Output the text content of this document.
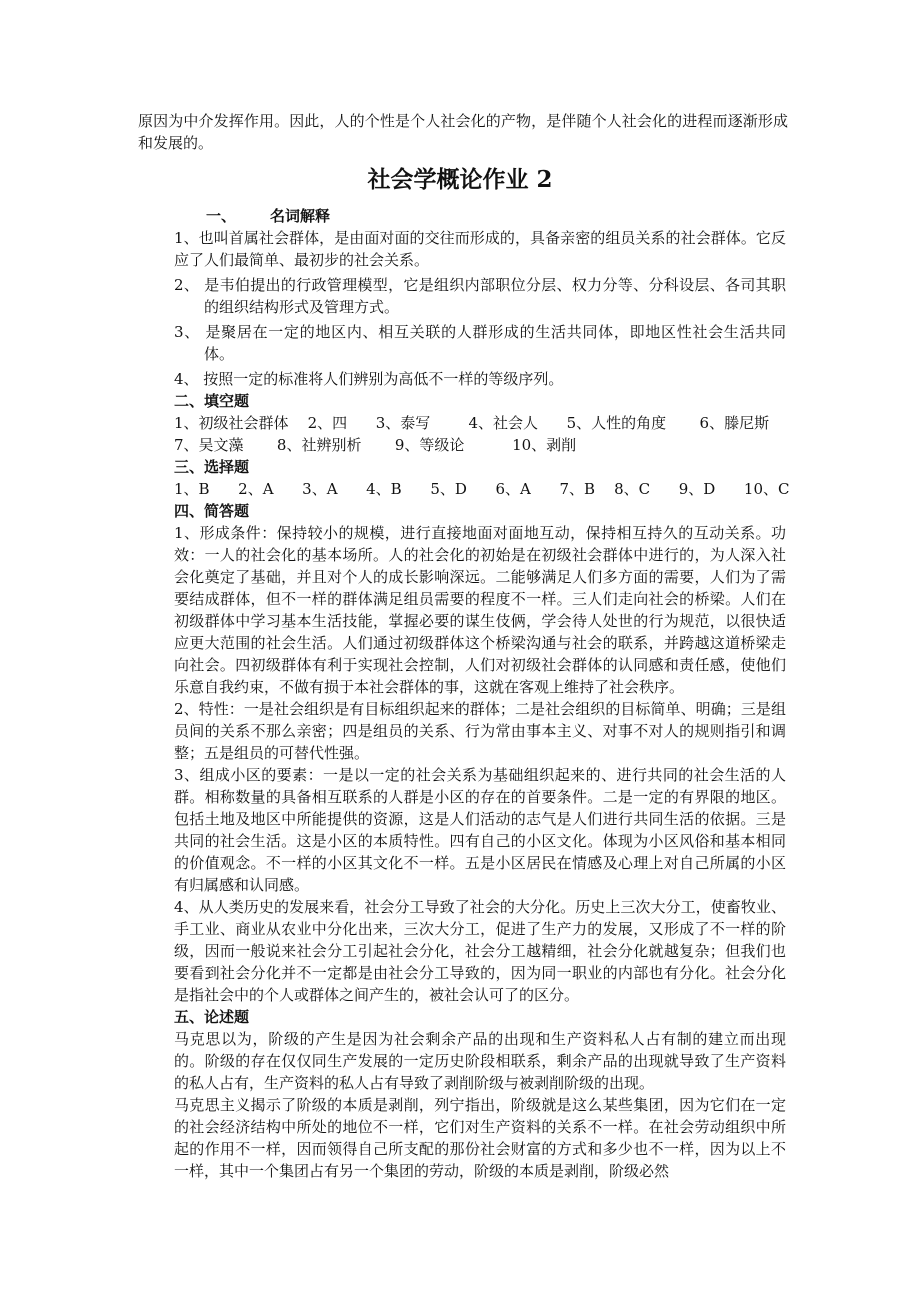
原因为中介发挥作用。因此，人的个性是个人社会化的产物，是伴随个人社会化的进程而逐渐形成和发展的。

社会学概论作业 2

一、 名词解释

1、也叫首属社会群体，是由面对面的交往而形成的，具备亲密的组员关系的社会群体。它反应了人们最简单、最初步的社会关系。

2、 是韦伯提出的行政管理模型，它是组织内部职位分层、权力分等、分科设层、各司其职的组织结构形式及管理方式。

3、 是聚居在一定的地区内、相互关联的人群形成的生活共同体，即地区性社会生活共同体。

4、 按照一定的标准将人们辨别为高低不一样的等级序列。

二、填空题

1、初级社会群体    2、四      3、泰写        4、社会人      5、人性的角度       6、滕尼斯

7、吴文藻       8、社辨别析       9、等级论          10、剥削

三、选择题

1、B      2、A      3、A      4、B      5、D      6、A      7、B    8、C      9、D      10、C

四、简答题

1、形成条件：保持较小的规模，进行直接地面对面地互动，保持相互持久的互动关系。功效：一人的社会化的基本场所。人的社会化的初始是在初级社会群体中进行的，为人深入社会化奠定了基础，并且对个人的成长影响深远。二能够满足人们多方面的需要，人们为了需要结成群体，但不一样的群体满足组员需要的程度不一样。三人们走向社会的桥梁。人们在初级群体中学习基本生活技能，掌握必要的谋生伎俩，学会待人处世的行为规范，以很快适应更大范围的社会生活。人们通过初级群体这个桥梁沟通与社会的联系，并跨越这道桥梁走向社会。四初级群体有利于实现社会控制，人们对初级社会群体的认同感和责任感，使他们乐意自我约束，不做有损于本社会群体的事，这就在客观上维持了社会秩序。

2、特性：一是社会组织是有目标组织起来的群体；二是社会组织的目标简单、明确；三是组员间的关系不那么亲密；四是组员的关系、行为常由事本主义、对事不对人的规则指引和调整；五是组员的可替代性强。

3、组成小区的要素：一是以一定的社会关系为基础组织起来的、进行共同的社会生活的人群。相称数量的具备相互联系的人群是小区的存在的首要条件。二是一定的有界限的地区。包括土地及地区中所能提供的资源，这是人们活动的志气是人们进行共同生活的依据。三是共同的社会生活。这是小区的本质特性。四有自己的小区文化。体现为小区风俗和基本相同的价值观念。不一样的小区其文化不一样。五是小区居民在情感及心理上对自己所属的小区有归属感和认同感。

4、从人类历史的发展来看，社会分工导致了社会的大分化。历史上三次大分工，使畜牧业、手工业、商业从农业中分化出来，三次大分工，促进了生产力的发展，又形成了不一样的阶级，因而一般说来社会分工引起社会分化，社会分工越精细，社会分化就越复杂；但我们也要看到社会分化并不一定都是由社会分工导致的，因为同一职业的内部也有分化。社会分化是指社会中的个人或群体之间产生的，被社会认可了的区分。

五、论述题

马克思以为，阶级的产生是因为社会剩余产品的出现和生产资料私人占有制的建立而出现的。阶级的存在仅仅同生产发展的一定历史阶段相联系，剩余产品的出现就导致了生产资料的私人占有，生产资料的私人占有导致了剥削阶级与被剥削阶级的出现。

马克思主义揭示了阶级的本质是剥削，列宁指出，阶级就是这么某些集团，因为它们在一定的社会经济结构中所处的地位不一样，它们对生产资料的关系不一样。在社会劳动组织中所起的作用不一样，因而领得自己所支配的那份社会财富的方式和多少也不一样，因为以上不一样，其中一个集团占有另一个集团的劳动，阶级的本质是剥削，阶级必然
